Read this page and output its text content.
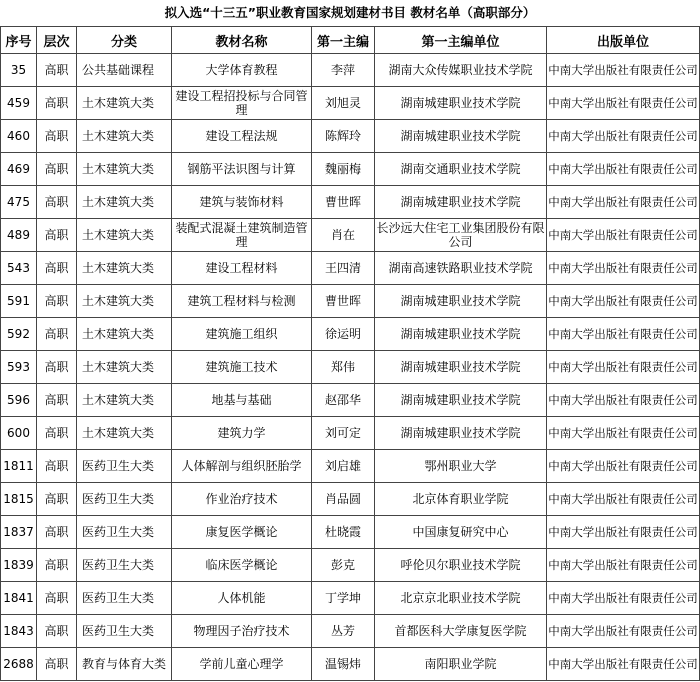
拟入选“十三五”职业教育国家规划建材书目 教材名单（高职部分）
序号	层次	分类	教材名称	第一主编	第一主编单位	出版单位
35	高职	公共基础课程	大学体育教程	李萍	湖南大众传媒职业技术学院	中南大学出版社有限责任公司
459	高职	土木建筑大类	建设工程招投标与合同管理	刘旭灵	湖南城建职业技术学院	中南大学出版社有限责任公司
460	高职	土木建筑大类	建设工程法规	陈辉玲	湖南城建职业技术学院	中南大学出版社有限责任公司
469	高职	土木建筑大类	钢筋平法识图与计算	魏丽梅	湖南交通职业技术学院	中南大学出版社有限责任公司
475	高职	土木建筑大类	建筑与装饰材料	曹世晖	湖南城建职业技术学院	中南大学出版社有限责任公司
489	高职	土木建筑大类	装配式混凝土建筑制造管理	肖在	长沙远大住宅工业集团股份有限公司	中南大学出版社有限责任公司
543	高职	土木建筑大类	建设工程材料	王四清	湖南高速铁路职业技术学院	中南大学出版社有限责任公司
591	高职	土木建筑大类	建筑工程材料与检测	曹世晖	湖南城建职业技术学院	中南大学出版社有限责任公司
592	高职	土木建筑大类	建筑施工组织	徐运明	湖南城建职业技术学院	中南大学出版社有限责任公司
593	高职	土木建筑大类	建筑施工技术	郑伟	湖南城建职业技术学院	中南大学出版社有限责任公司
596	高职	土木建筑大类	地基与基础	赵邵华	湖南城建职业技术学院	中南大学出版社有限责任公司
600	高职	土木建筑大类	建筑力学	刘可定	湖南城建职业技术学院	中南大学出版社有限责任公司
1811	高职	医药卫生大类	人体解剖与组织胚胎学	刘启雄	鄂州职业大学	中南大学出版社有限责任公司
1815	高职	医药卫生大类	作业治疗技术	肖品圆	北京体育职业学院	中南大学出版社有限责任公司
1837	高职	医药卫生大类	康复医学概论	杜晓霞	中国康复研究中心	中南大学出版社有限责任公司
1839	高职	医药卫生大类	临床医学概论	彭克	呼伦贝尔职业技术学院	中南大学出版社有限责任公司
1841	高职	医药卫生大类	人体机能	丁学坤	北京京北职业技术学院	中南大学出版社有限责任公司
1843	高职	医药卫生大类	物理因子治疗技术	丛芳	首都医科大学康复医学院	中南大学出版社有限责任公司
2688	高职	教育与体育大类	学前儿童心理学	温锡炜	南阳职业学院	中南大学出版社有限责任公司
